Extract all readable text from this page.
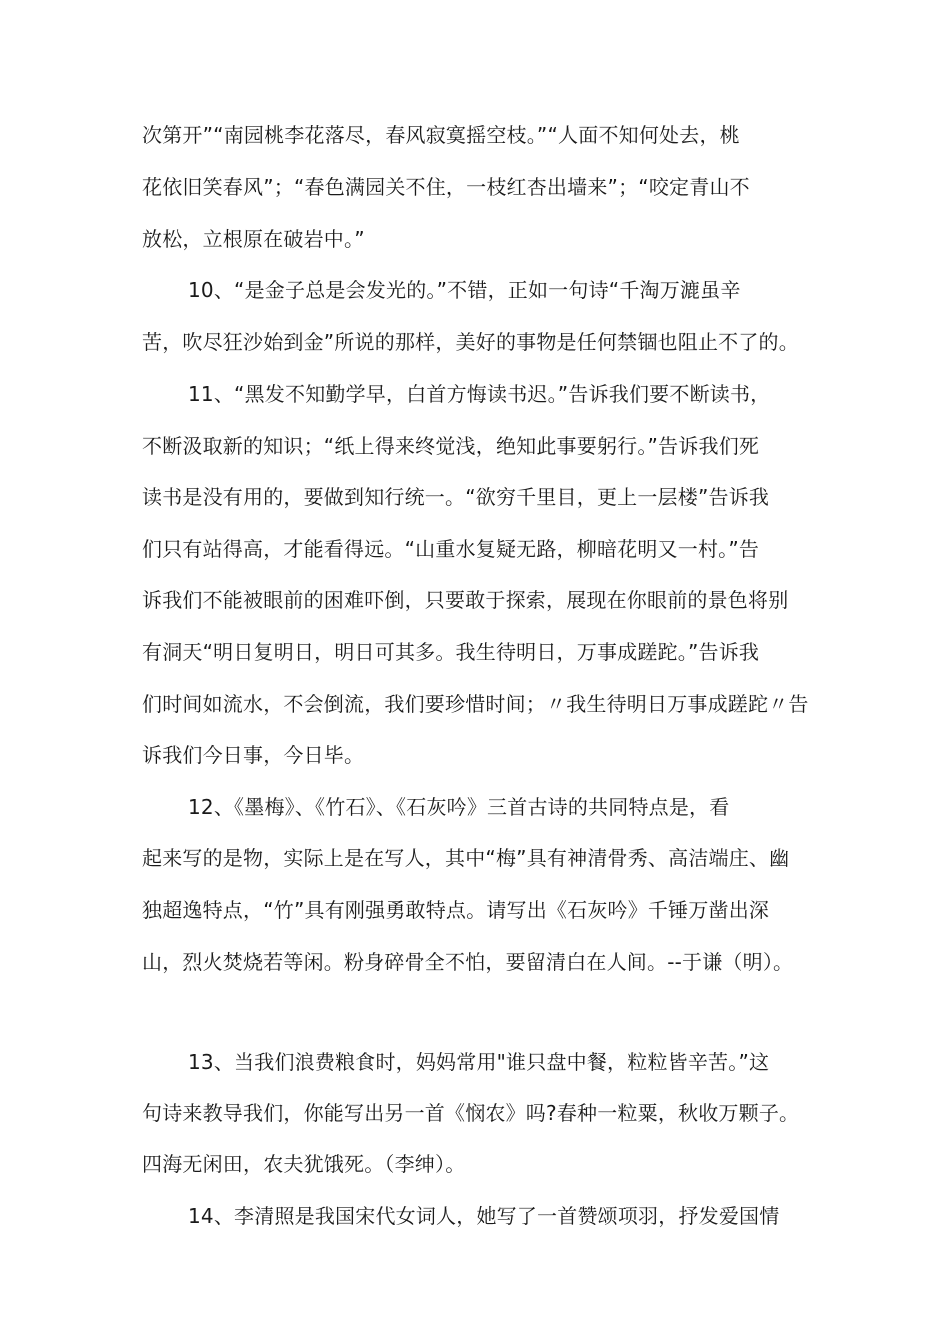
次第开”“南园桃李花落尽，春风寂寞摇空枝。”“人面不知何处去，桃
花依旧笑春风”；“春色满园关不住，一枝红杏出墙来”；“咬定青山不
放松，立根原在破岩中。”
10、“是金子总是会发光的。”不错，正如一句诗“千淘万漉虽辛
苦，吹尽狂沙始到金”所说的那样，美好的事物是任何禁锢也阻止不了的。
11、“黑发不知勤学早，白首方悔读书迟。”告诉我们要不断读书，
不断汲取新的知识；“纸上得来终觉浅，绝知此事要躬行。”告诉我们死
读书是没有用的，要做到知行统一。“欲穷千里目，更上一层楼”告诉我
们只有站得高，才能看得远。“山重水复疑无路，柳暗花明又一村。”告
诉我们不能被眼前的困难吓倒，只要敢于探索，展现在你眼前的景色将别
有洞天“明日复明日，明日可其多。我生待明日，万事成蹉跎。”告诉我
们时间如流水，不会倒流，我们要珍惜时间；〃我生待明日万事成蹉跎〃告
诉我们今日事，今日毕。
12、《墨梅》、《竹石》、《石灰吟》三首古诗的共同特点是，看
起来写的是物，实际上是在写人，其中“梅”具有神清骨秀、高洁端庄、幽
独超逸特点，“竹”具有刚强勇敢特点。请写出《石灰吟》千锤万凿出深
山，烈火焚烧若等闲。粉身碎骨全不怕，要留清白在人间。--于谦（明）。
13、当我们浪费粮食时，妈妈常用"谁只盘中餐，粒粒皆辛苦。”这
句诗来教导我们，你能写出另一首《悯农》吗?春种一粒粟，秋收万颗子。
四海无闲田，农夫犹饿死。（李绅）。
14、李清照是我国宋代女词人，她写了一首赞颂项羽，抒发爱国情
